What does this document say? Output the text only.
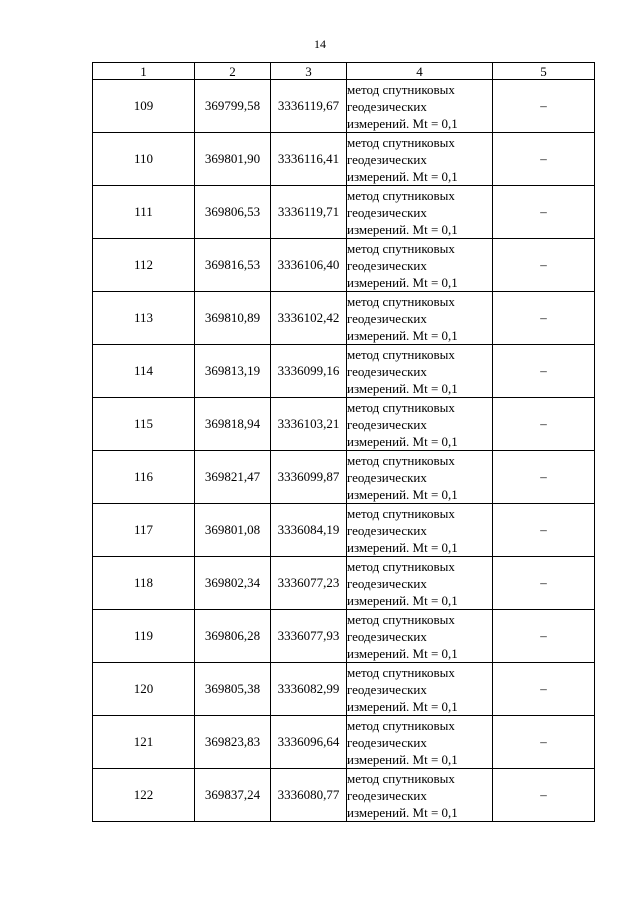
14
1	2	3	4	5
109	369799,58	3336119,67	метод спутниковых
геодезических
измерений. Mt = 0,1	–
110	369801,90	3336116,41	метод спутниковых
геодезических
измерений. Mt = 0,1	–
111	369806,53	3336119,71	метод спутниковых
геодезических
измерений. Mt = 0,1	–
112	369816,53	3336106,40	метод спутниковых
геодезических
измерений. Mt = 0,1	–
113	369810,89	3336102,42	метод спутниковых
геодезических
измерений. Mt = 0,1	–
114	369813,19	3336099,16	метод спутниковых
геодезических
измерений. Mt = 0,1	–
115	369818,94	3336103,21	метод спутниковых
геодезических
измерений. Mt = 0,1	–
116	369821,47	3336099,87	метод спутниковых
геодезических
измерений. Mt = 0,1	–
117	369801,08	3336084,19	метод спутниковых
геодезических
измерений. Mt = 0,1	–
118	369802,34	3336077,23	метод спутниковых
геодезических
измерений. Mt = 0,1	–
119	369806,28	3336077,93	метод спутниковых
геодезических
измерений. Mt = 0,1	–
120	369805,38	3336082,99	метод спутниковых
геодезических
измерений. Mt = 0,1	–
121	369823,83	3336096,64	метод спутниковых
геодезических
измерений. Mt = 0,1	–
122	369837,24	3336080,77	метод спутниковых
геодезических
измерений. Mt = 0,1	–
